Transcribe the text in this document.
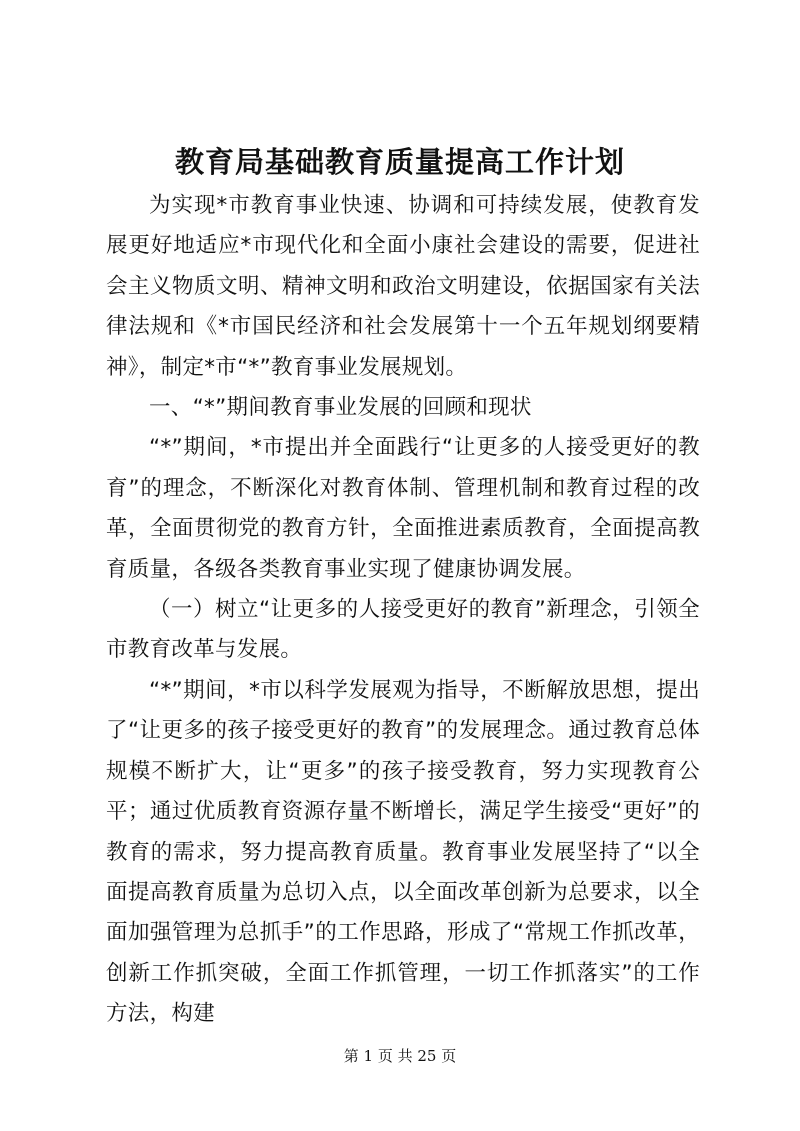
教育局基础教育质量提高工作计划

为实现*市教育事业快速、协调和可持续发展，使教育发展更好地适应*市现代化和全面小康社会建设的需要，促进社会主义物质文明、精神文明和政治文明建设，依据国家有关法律法规和《*市国民经济和社会发展第十一个五年规划纲要精神》，制定*市“*”教育事业发展规划。

一、“*”期间教育事业发展的回顾和现状

“*”期间，*市提出并全面践行“让更多的人接受更好的教育”的理念，不断深化对教育体制、管理机制和教育过程的改革，全面贯彻党的教育方针，全面推进素质教育，全面提高教育质量，各级各类教育事业实现了健康协调发展。

（一）树立“让更多的人接受更好的教育”新理念，引领全市教育改革与发展。

“*”期间，*市以科学发展观为指导，不断解放思想，提出了“让更多的孩子接受更好的教育”的发展理念。通过教育总体规模不断扩大，让“更多”的孩子接受教育，努力实现教育公平；通过优质教育资源存量不断增长，满足学生接受“更好”的教育的需求，努力提高教育质量。教育事业发展坚持了“以全面提高教育质量为总切入点，以全面改革创新为总要求，以全面加强管理为总抓手”的工作思路，形成了“常规工作抓改革，创新工作抓突破，全面工作抓管理，一切工作抓落实”的工作方法，构建

第 1 页 共 25 页
